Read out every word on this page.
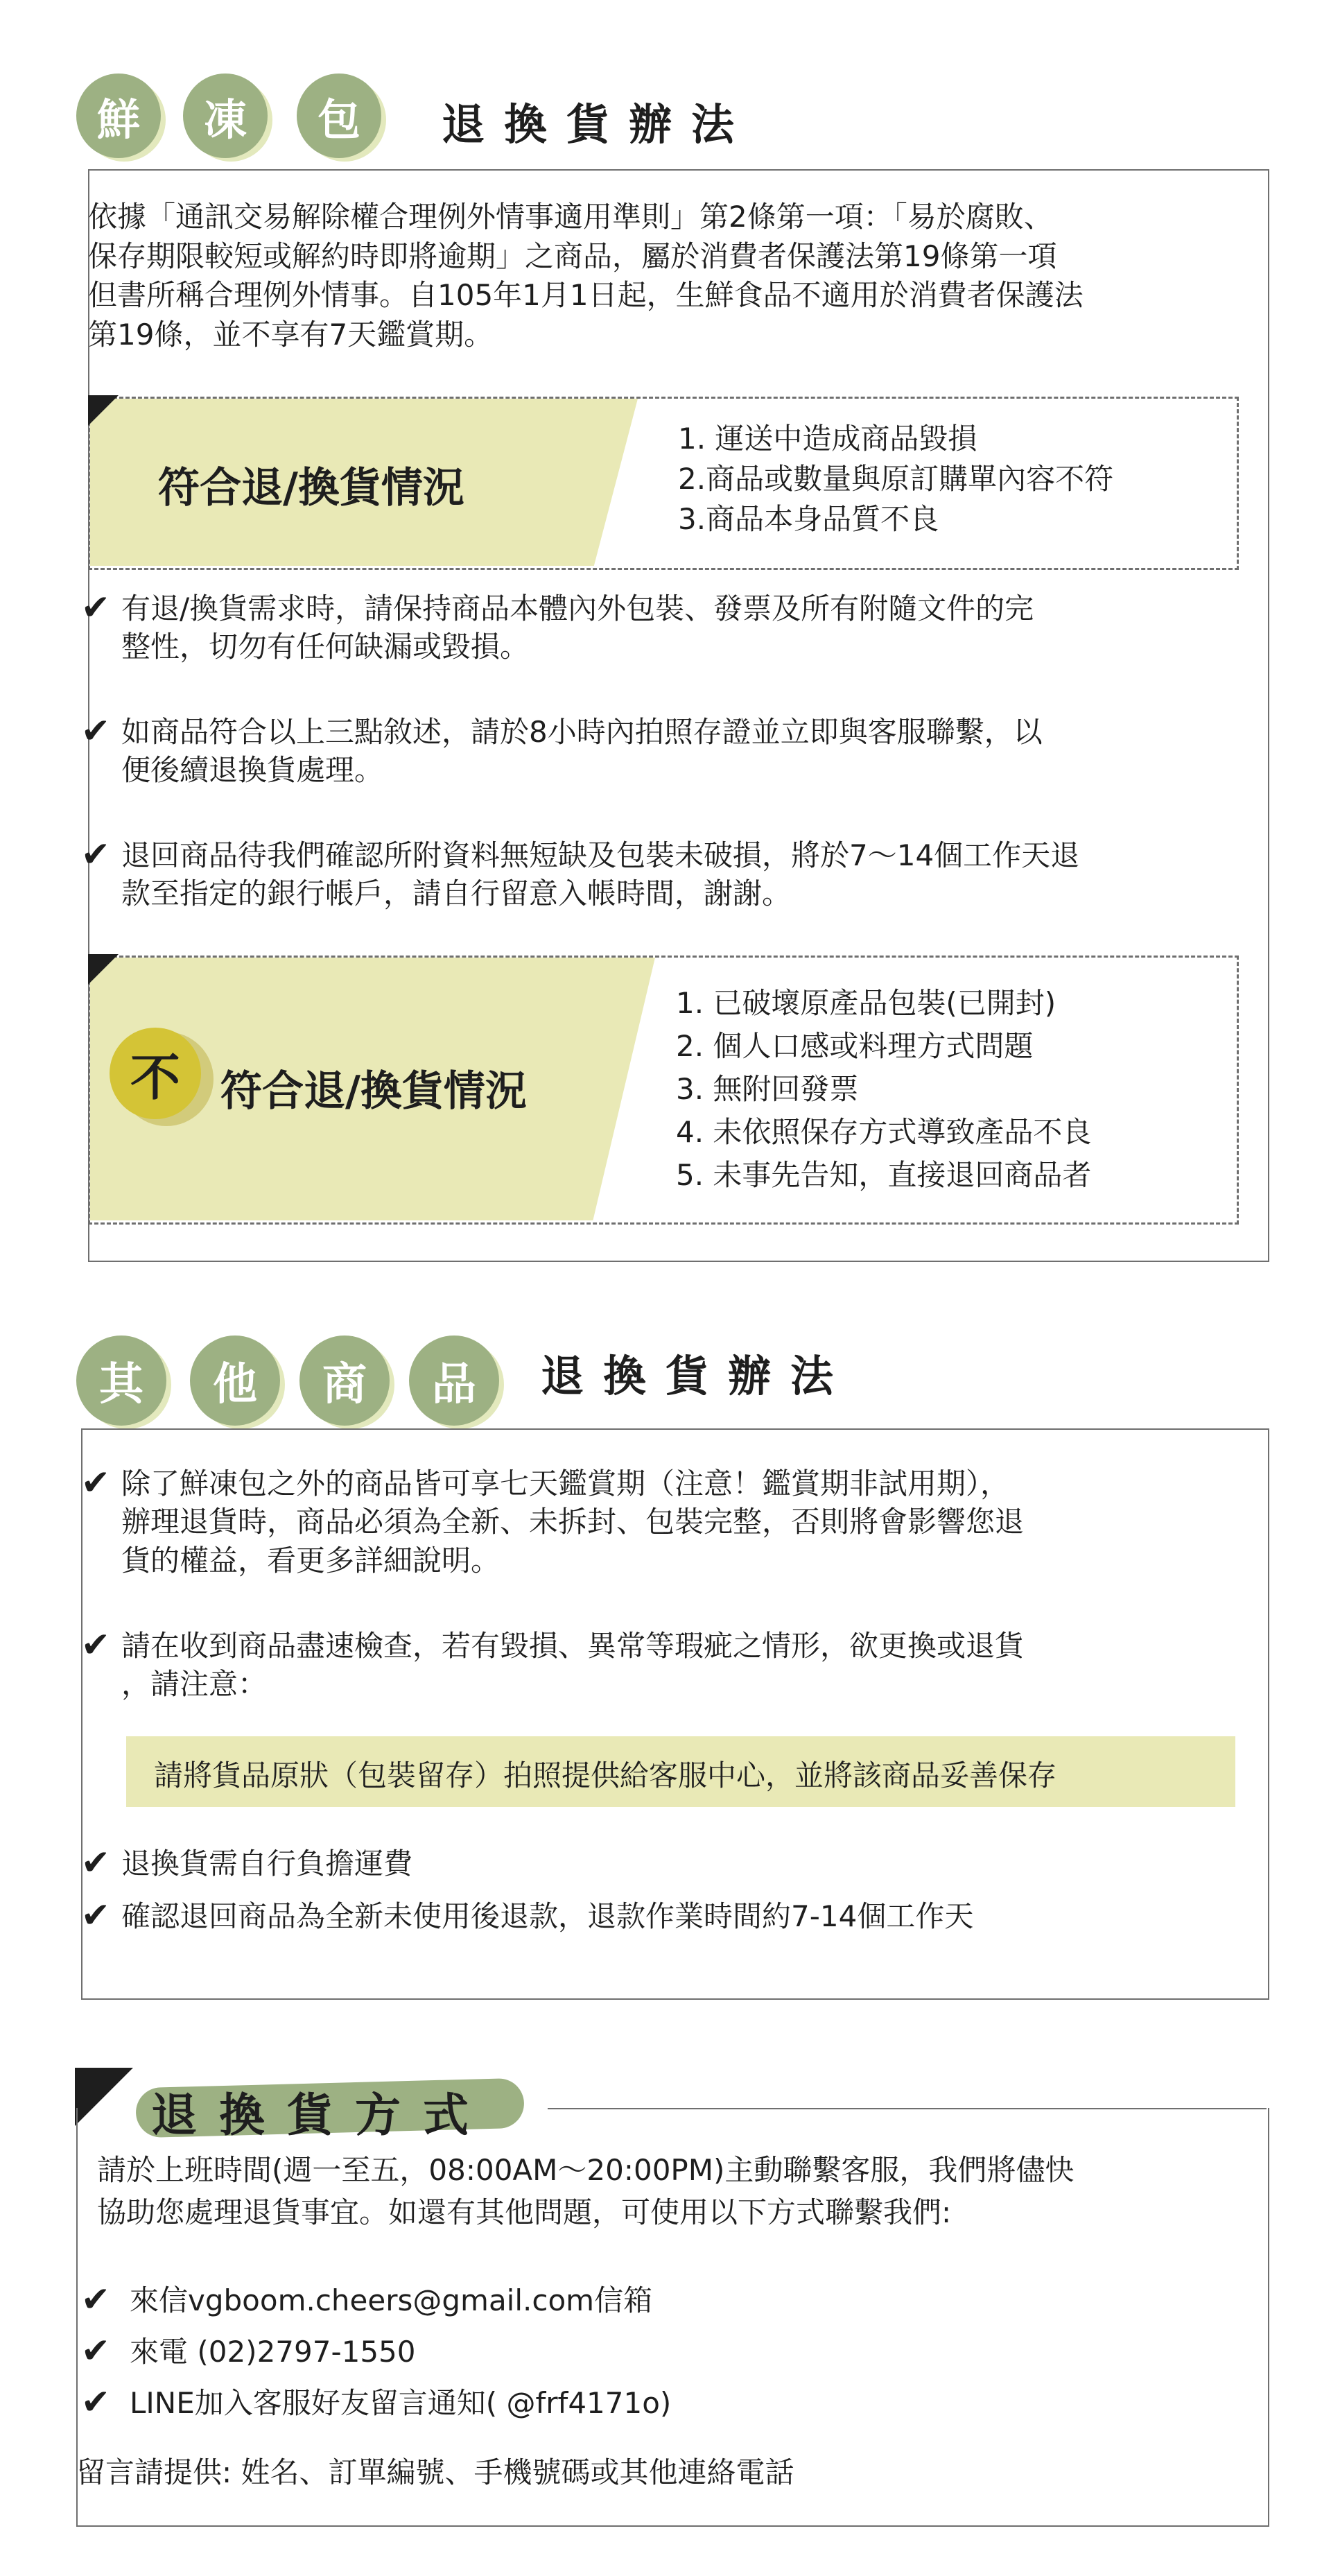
鮮	凍	包	退換貨辦法
依據「通訊交易解除權合理例外情事適用準則」第2條第一項：「易於腐敗、
保存期限較短或解約時即將逾期」之商品，屬於消費者保護法第19條第一項
但書所稱合理例外情事。自105年1月1日起，生鮮食品不適用於消費者保護法
第19條，並不享有7天鑑賞期。
符合退/換貨情況
1. 運送中造成商品毀損
2.商品或數量與原訂購單內容不符
3.商品本身品質不良
✔ 有退/換貨需求時，請保持商品本體內外包裝、發票及所有附隨文件的完
整性，切勿有任何缺漏或毀損。
✔ 如商品符合以上三點敘述，請於8小時內拍照存證並立即與客服聯繫，以
便後續退換貨處理。
✔ 退回商品待我們確認所附資料無短缺及包裝未破損，將於7～14個工作天退
款至指定的銀行帳戶，請自行留意入帳時間，謝謝。
不 符合退/換貨情況
1. 已破壞原產品包裝(已開封)
2. 個人口感或料理方式問題
3. 無附回發票
4. 未依照保存方式導致產品不良
5. 未事先告知，直接退回商品者
其	他	商	品	退換貨辦法
✔ 除了鮮凍包之外的商品皆可享七天鑑賞期（注意！鑑賞期非試用期），
辦理退貨時，商品必須為全新、未拆封、包裝完整，否則將會影響您退
貨的權益，看更多詳細說明。
✔ 請在收到商品盡速檢查，若有毀損、異常等瑕疵之情形，欲更換或退貨
，請注意：
請將貨品原狀（包裝留存）拍照提供給客服中心，並將該商品妥善保存
✔ 退換貨需自行負擔運費
✔ 確認退回商品為全新未使用後退款，退款作業時間約7-14個工作天
退換貨方式
請於上班時間(週一至五，08:00AM～20:00PM)主動聯繫客服，我們將儘快
協助您處理退貨事宜。如還有其他問題，可使用以下方式聯繫我們:
✔ 來信vgboom.cheers@gmail.com信箱
✔ 來電 (02)2797-1550
✔ LINE加入客服好友留言通知( @frf4171o)
留言請提供: 姓名、訂單編號、手機號碼或其他連絡電話
